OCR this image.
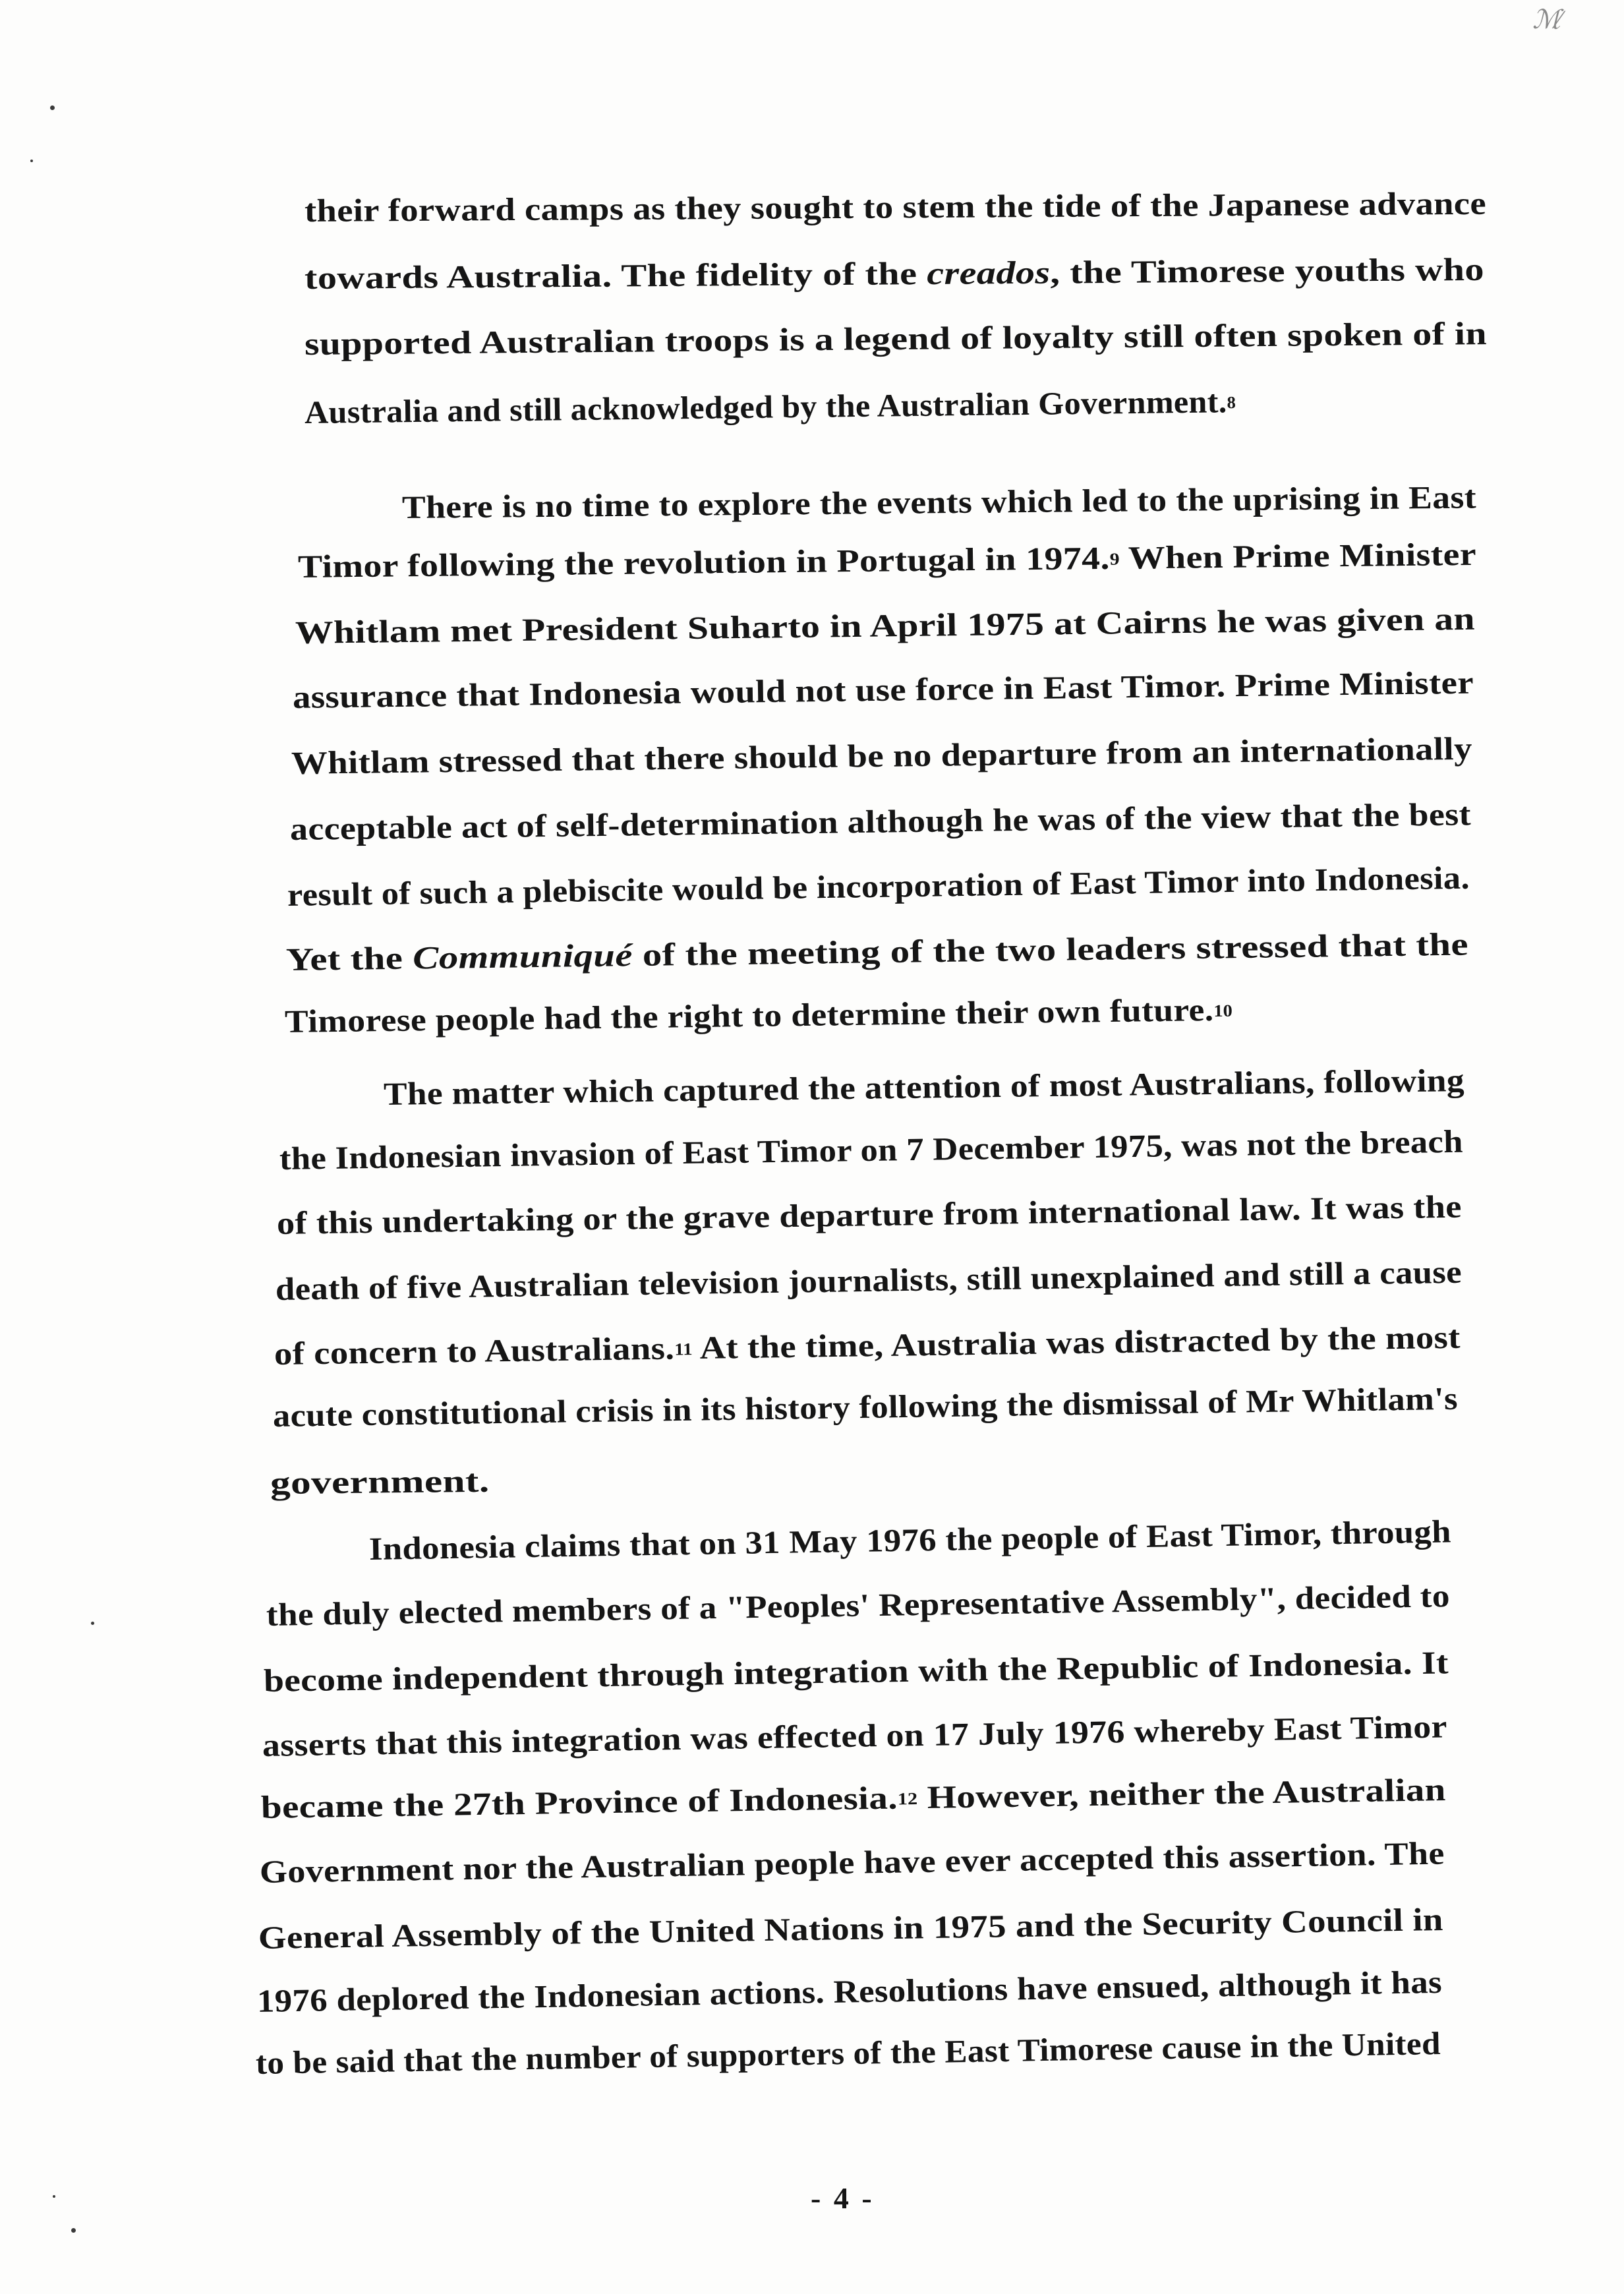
their forward camps as they sought to stem the tide of the Japanese advance
towards Australia. The fidelity of the creados, the Timorese youths who
supported Australian troops is a legend of loyalty still often spoken of in
Australia and still acknowledged by the Australian Government.8
There is no time to explore the events which led to the uprising in East
Timor following the revolution in Portugal in 1974.9 When Prime Minister
Whitlam met President Suharto in April 1975 at Cairns he was given an
assurance that Indonesia would not use force in East Timor. Prime Minister
Whitlam stressed that there should be no departure from an internationally
acceptable act of self-determination although he was of the view that the best
result of such a plebiscite would be incorporation of East Timor into Indonesia.
Yet the Communiqué of the meeting of the two leaders stressed that the
Timorese people had the right to determine their own future.10
The matter which captured the attention of most Australians, following
the Indonesian invasion of East Timor on 7 December 1975, was not the breach
of this undertaking or the grave departure from international law. It was the
death of five Australian television journalists, still unexplained and still a cause
of concern to Australians.11 At the time, Australia was distracted by the most
acute constitutional crisis in its history following the dismissal of Mr Whitlam's
government.
Indonesia claims that on 31 May 1976 the people of East Timor, through
the duly elected members of a "Peoples' Representative Assembly", decided to
become independent through integration with the Republic of Indonesia. It
asserts that this integration was effected on 17 July 1976 whereby East Timor
became the 27th Province of Indonesia.12 However, neither the Australian
Government nor the Australian people have ever accepted this assertion. The
General Assembly of the United Nations in 1975 and the Security Council in
1976 deplored the Indonesian actions. Resolutions have ensued, although it has
to be said that the number of supporters of the East Timorese cause in the United
- 4 -
ℳ⁄
